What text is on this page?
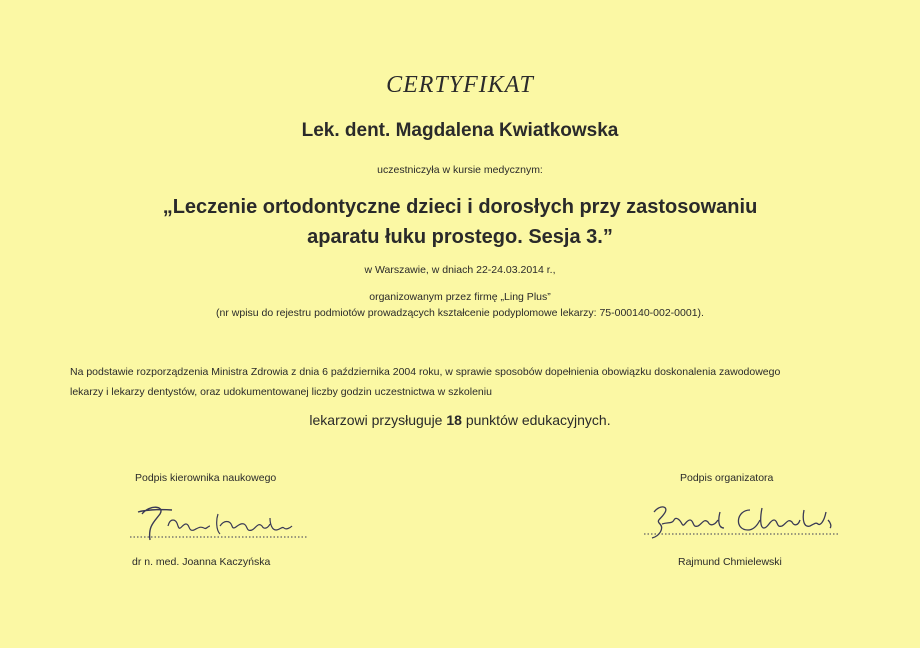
CERTYFIKAT
Lek. dent. Magdalena Kwiatkowska
uczestniczyła w kursie medycznym:
„Leczenie ortodontyczne dzieci i dorosłych przy zastosowaniu
aparatu łuku prostego. Sesja 3.”
w Warszawie, w dniach 22-24.03.2014 r.,
organizowanym przez firmę „Ling Plus”
(nr wpisu do rejestru podmiotów prowadzących kształcenie podyplomowe lekarzy: 75-000140-002-0001).
Na podstawie rozporządzenia Ministra Zdrowia z dnia 6 października 2004 roku, w sprawie sposobów dopełnienia obowiązku doskonalenia zawodowego
lekarzy i lekarzy dentystów, oraz udokumentowanej liczby godzin uczestnictwa w szkoleniu
lekarzowi przysługuje 18 punktów edukacyjnych.
Podpis kierownika naukowego
dr n. med. Joanna Kaczyńska
Podpis organizatora
Rajmund Chmielewski
